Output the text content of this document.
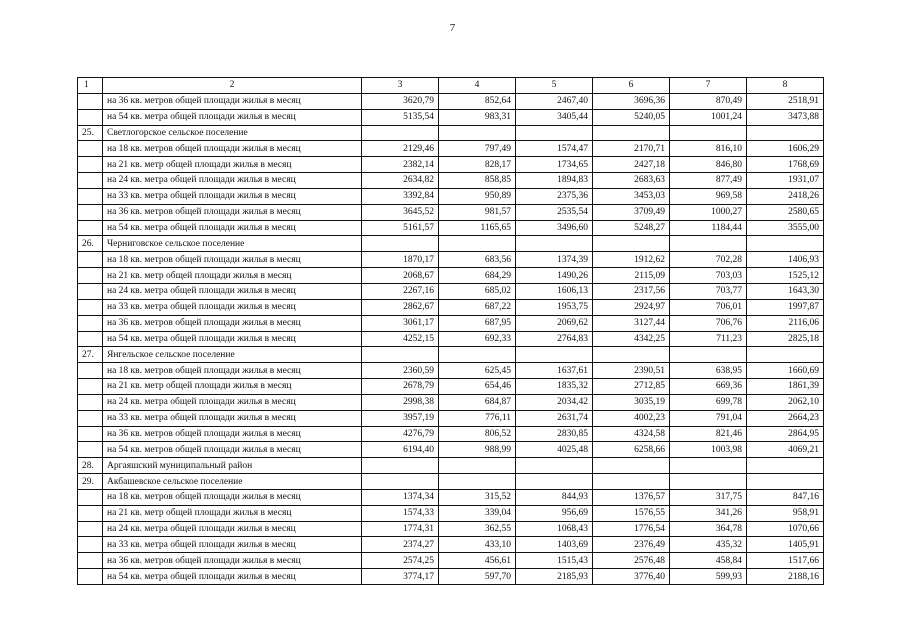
7
1	2	3	4	5	6	7	8
	на 36 кв. метров общей площади жилья в месяц	3620,79	852,64	2467,40	3696,36	870,49	2518,91
	на 54 кв. метра общей площади жилья в месяц	5135,54	983,31	3405,44	5240,05	1001,24	3473,88
25.	Светлогорское сельское поселение						
	на 18 кв. метров общей площади жилья в месяц	2129,46	797,49	1574,47	2170,71	816,10	1606,29
	на 21 кв. метр общей площади жилья в месяц	2382,14	828,17	1734,65	2427,18	846,80	1768,69
	на 24 кв. метра общей площади жилья в месяц	2634,82	858,85	1894,83	2683,63	877,49	1931,07
	на 33 кв. метра общей площади жилья в месяц	3392,84	950,89	2375,36	3453,03	969,58	2418,26
	на 36 кв. метров общей площади жилья в месяц	3645,52	981,57	2535,54	3709,49	1000,27	2580,65
	на 54 кв. метра общей площади жилья в месяц	5161,57	1165,65	3496,60	5248,27	1184,44	3555,00
26.	Черниговское сельское поселение						
	на 18 кв. метров общей площади жилья в месяц	1870,17	683,56	1374,39	1912,62	702,28	1406,93
	на 21 кв. метр общей площади жилья в месяц	2068,67	684,29	1490,26	2115,09	703,03	1525,12
	на 24 кв. метра общей площади жилья в месяц	2267,16	685,02	1606,13	2317,56	703,77	1643,30
	на 33 кв. метра общей площади жилья в месяц	2862,67	687,22	1953,75	2924,97	706,01	1997,87
	на 36 кв. метров общей площади жилья в месяц	3061,17	687,95	2069,62	3127,44	706,76	2116,06
	на 54 кв. метра общей площади жилья в месяц	4252,15	692,33	2764,83	4342,25	711,23	2825,18
27.	Янгельское сельское поселение						
	на 18 кв. метров общей площади жилья в месяц	2360,59	625,45	1637,61	2390,51	638,95	1660,69
	на 21 кв. метр общей площади жилья в месяц	2678,79	654,46	1835,32	2712,85	669,36	1861,39
	на 24 кв. метра общей площади жилья в месяц	2998,38	684,87	2034,42	3035,19	699,78	2062,10
	на 33 кв. метра общей площади жилья в месяц	3957,19	776,11	2631,74	4002,23	791,04	2664,23
	на 36 кв. метров общей площади жилья в месяц	4276,79	806,52	2830,85	4324,58	821,46	2864,95
	на 54 кв. метров общей площади жилья в месяц	6194,40	988,99	4025,48	6258,66	1003,98	4069,21
28.	Аргаяшский муниципальный район						
29.	Акбашевское сельское поселение						
	на 18 кв. метров общей площади жилья в месяц	1374,34	315,52	844,93	1376,57	317,75	847,16
	на 21 кв. метр общей площади жилья в месяц	1574,33	339,04	956,69	1576,55	341,26	958,91
	на 24 кв. метра общей площади жилья в месяц	1774,31	362,55	1068,43	1776,54	364,78	1070,66
	на 33 кв. метра общей площади жилья в месяц	2374,27	433,10	1403,69	2376,49	435,32	1405,91
	на 36 кв. метров общей площади жилья в месяц	2574,25	456,61	1515,43	2576,48	458,84	1517,66
	на 54 кв. метра общей площади жилья в месяц	3774,17	597,70	2185,93	3776,40	599,93	2188,16
